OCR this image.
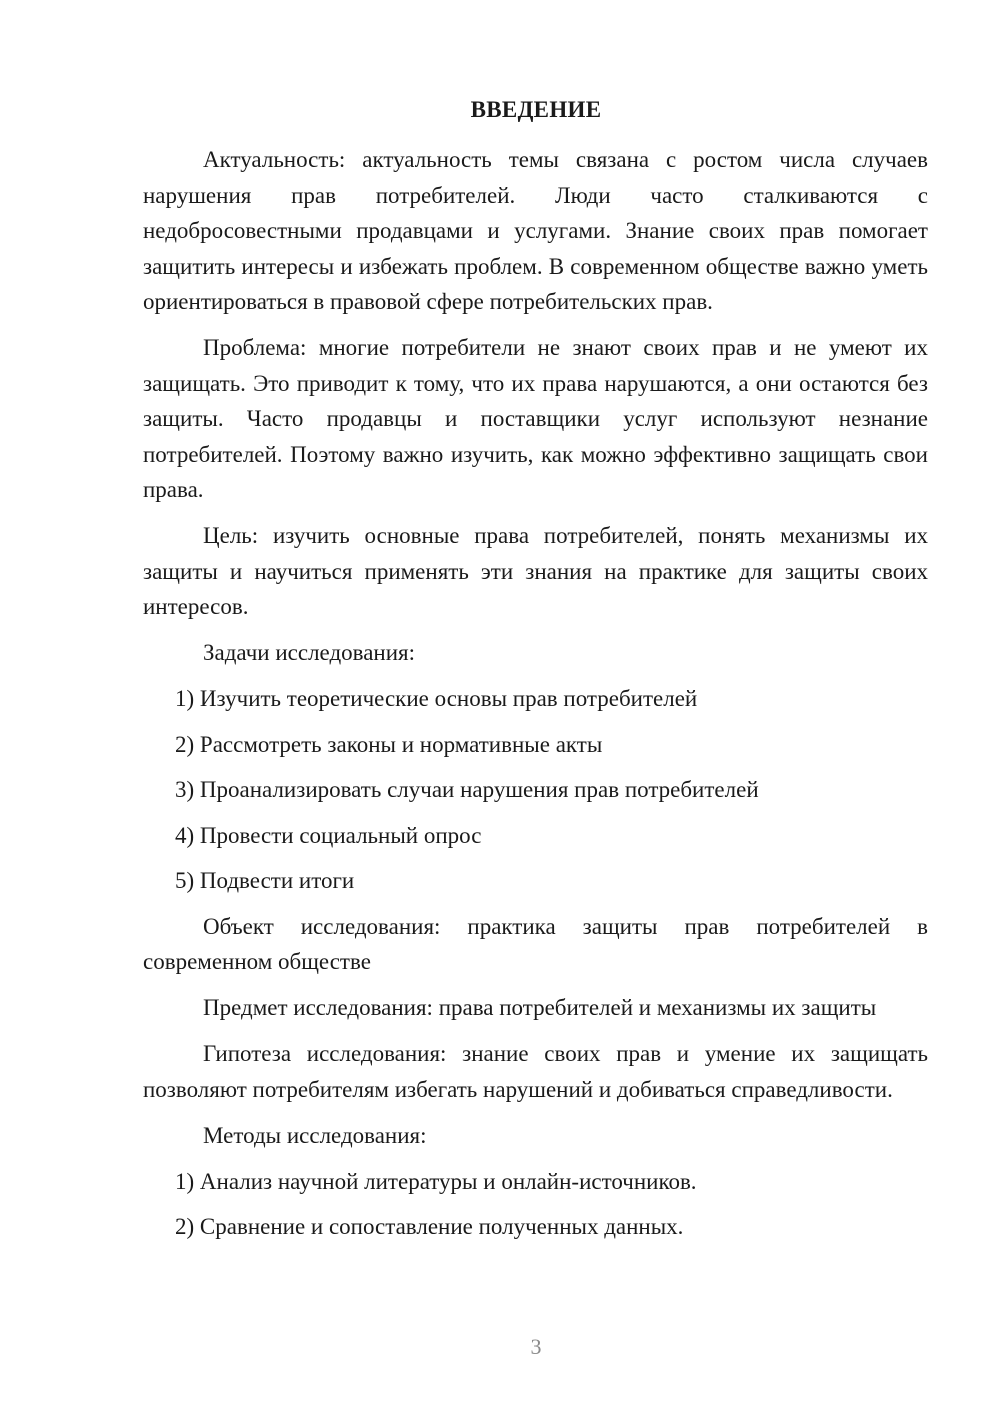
ВВЕДЕНИЕ

Актуальность: актуальность темы связана с ростом числа случаев нарушения прав потребителей. Люди часто сталкиваются с недобросовестными продавцами и услугами. Знание своих прав помогает защитить интересы и избежать проблем. В современном обществе важно уметь ориентироваться в правовой сфере потребительских прав.

Проблема: многие потребители не знают своих прав и не умеют их защищать. Это приводит к тому, что их права нарушаются, а они остаются без защиты. Часто продавцы и поставщики услуг используют незнание потребителей. Поэтому важно изучить, как можно эффективно защищать свои права.

Цель: изучить основные права потребителей, понять механизмы их защиты и научиться применять эти знания на практике для защиты своих интересов.

Задачи исследования:

1) Изучить теоретические основы прав потребителей
2) Рассмотреть законы и нормативные акты
3) Проанализировать случаи нарушения прав потребителей
4) Провести социальный опрос
5) Подвести итоги

Объект исследования: практика защиты прав потребителей в современном обществе

Предмет исследования: права потребителей и механизмы их защиты

Гипотеза исследования: знание своих прав и умение их защищать позволяют потребителям избегать нарушений и добиваться справедливости.

Методы исследования:

1) Анализ научной литературы и онлайн-источников.
2) Сравнение и сопоставление полученных данных.
3
